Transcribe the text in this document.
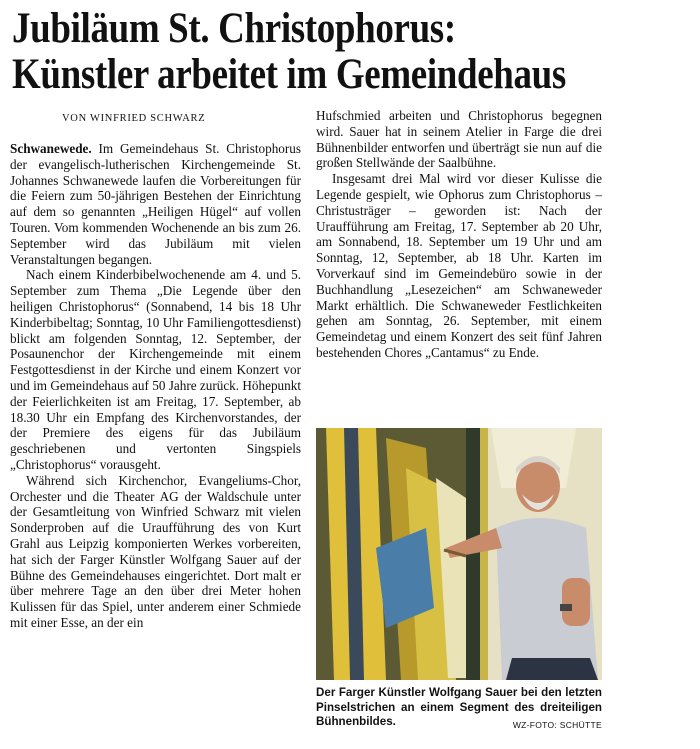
Jubiläum St. Christophorus:
Künstler arbeitet im Gemeindehaus
VON WINFRIED SCHWARZ

Schwanewede. Im Gemeindehaus St. Christophorus der evangelisch-lutherischen Kirchengemeinde St. Johannes Schwanewede laufen die Vorbereitungen für die Feiern zum 50-jährigen Bestehen der Einrichtung auf dem so genannten „Heiligen Hügel“ auf vollen Touren. Vom kommenden Wochenende an bis zum 26. September wird das Jubiläum mit vielen Veranstaltungen begangen.

Nach einem Kinderbibelwochenende am 4. und 5. September zum Thema „Die Legende über den heiligen Christophorus“ (Sonnabend, 14 bis 18 Uhr Kinderbibeltag; Sonntag, 10 Uhr Familiengottesdienst) blickt am folgenden Sonntag, 12. September, der Posaunenchor der Kirchengemeinde mit einem Festgottesdienst in der Kirche und einem Konzert vor und im Gemeindehaus auf 50 Jahre zurück. Höhepunkt der Feierlichkeiten ist am Freitag, 17. September, ab 18.30 Uhr ein Empfang des Kirchenvorstandes, der der Premiere des eigens für das Jubiläum geschriebenen und vertonten Singspiels „Christophorus“ vorausgeht.

Während sich Kirchenchor, Evangeliums-Chor, Orchester und die Theater AG der Waldschule unter der Gesamtleitung von Winfried Schwarz mit vielen Sonderproben auf die Uraufführung des von Kurt Grahl aus Leipzig komponierten Werkes vorbereiten, hat sich der Farger Künstler Wolfgang Sauer auf der Bühne des Gemeindehauses eingerichtet. Dort malt er über mehrere Tage an den über drei Meter hohen Kulissen für das Spiel, unter anderem einer Schmiede mit einer Esse, an der ein

Hufschmied arbeiten und Christophorus begegnen wird. Sauer hat in seinem Atelier in Farge die drei Bühnenbilder entworfen und überträgt sie nun auf die großen Stellwände der Saalbühne.

Insgesamt drei Mal wird vor dieser Kulisse die Legende gespielt, wie Ophorus zum Christophorus – Christusträger – geworden ist: Nach der Uraufführung am Freitag, 17. September ab 20 Uhr, am Sonnabend, 18. September um 19 Uhr und am Sonntag, 12, September, ab 18 Uhr. Karten im Vorverkauf sind im Gemeindebüro sowie in der Buchhandlung „Lesezeichen“ am Schwaneweder Markt erhältlich. Die Schwaneweder Festlichkeiten gehen am Sonntag, 26. September, mit einem Gemeindetag und einem Konzert des seit fünf Jahren bestehenden Chores „Cantamus“ zu Ende.

Der Farger Künstler Wolfgang Sauer bei den letzten Pinselstrichen an einem Segment des dreiteiligen Bühnenbildes.	WZ-FOTO: SCHÜTTE
